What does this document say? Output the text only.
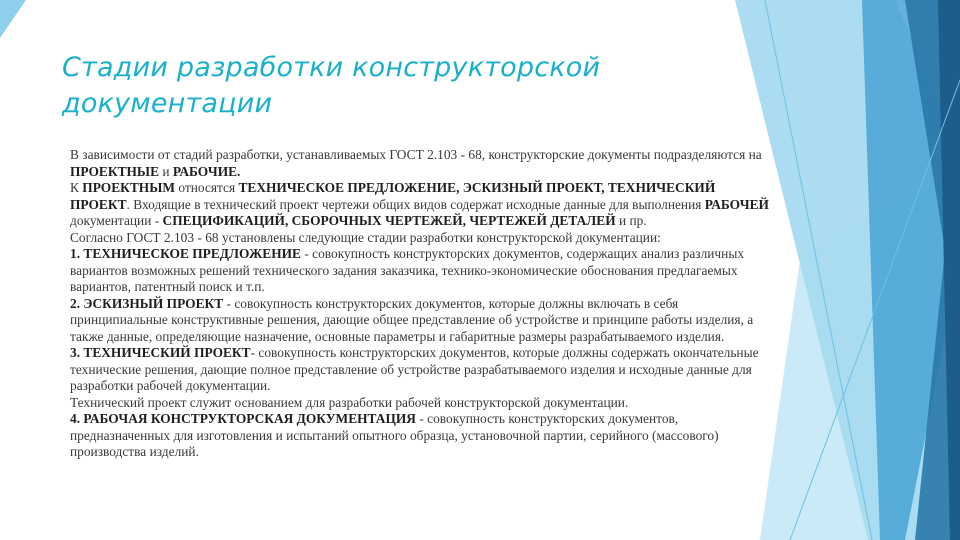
Стадии разработки конструкторской документации

В зависимости от стадий разработки, устанавливаемых ГОСТ 2.103 - 68, конструкторские документы подразделяются на ПРОЕКТНЫЕ и РАБОЧИЕ.

К ПРОЕКТНЫМ относятся ТЕХНИЧЕСКОЕ ПРЕДЛОЖЕНИЕ, ЭСКИЗНЫЙ ПРОЕКТ, ТЕХНИЧЕСКИЙ ПРОЕКТ. Входящие в технический проект чертежи общих видов содержат исходные данные для выполнения РАБОЧЕЙ документации - СПЕЦИФИКАЦИЙ, СБОРОЧНЫХ ЧЕРТЕЖЕЙ, ЧЕРТЕЖЕЙ ДЕТАЛЕЙ и пр.

Согласно ГОСТ 2.103 - 68 установлены следующие стадии разработки конструкторской документации:

1. ТЕХНИЧЕСКОЕ ПРЕДЛОЖЕНИЕ - совокупность конструкторских документов, содержащих анализ различных вариантов возможных решений технического задания заказчика, технико-экономические обоснования предлагаемых вариантов, патентный поиск и т.п.

2. ЭСКИЗНЫЙ ПРОЕКТ - совокупность конструкторских документов, которые должны включать в себя принципиальные конструктивные решения, дающие общее представление об устройстве и принципе работы изделия, а также данные, определяющие назначение, основные параметры и габаритные размеры разрабатываемого изделия.

3. ТЕХНИЧЕСКИЙ ПРОЕКТ- совокупность конструкторских документов, которые должны содержать окончательные технические решения, дающие полное представление об устройстве разрабатываемого изделия и исходные данные для разработки рабочей документации.

Технический проект служит основанием для разработки рабочей конструкторской документации.

4. РАБОЧАЯ КОНСТРУКТОРСКАЯ ДОКУМЕНТАЦИЯ - совокупность конструкторских документов, предназначенных для изготовления и испытаний опытного образца, установочной партии, серийного (массового) производства изделий.
